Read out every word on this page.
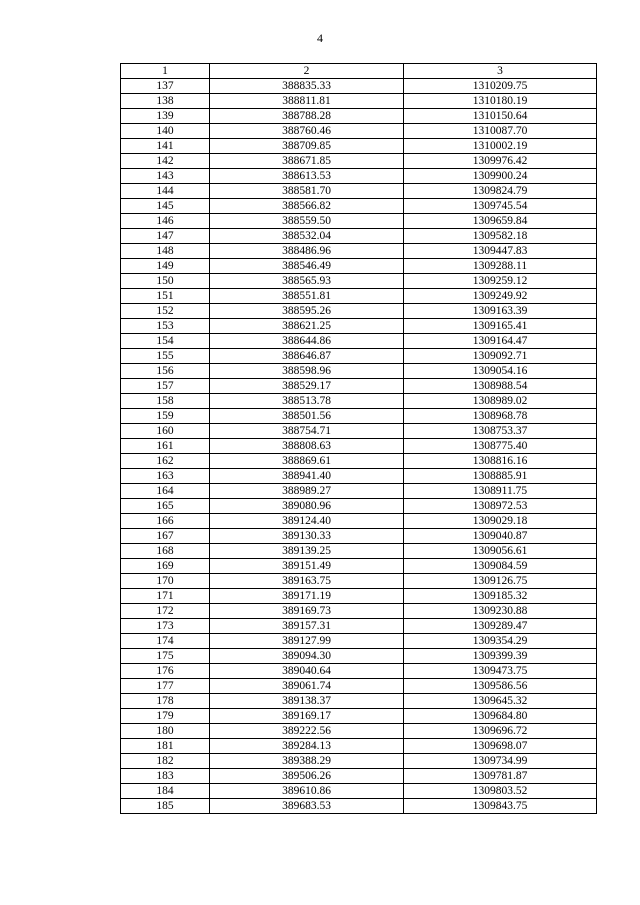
4
1	2	3
137	388835.33	1310209.75
138	388811.81	1310180.19
139	388788.28	1310150.64
140	388760.46	1310087.70
141	388709.85	1310002.19
142	388671.85	1309976.42
143	388613.53	1309900.24
144	388581.70	1309824.79
145	388566.82	1309745.54
146	388559.50	1309659.84
147	388532.04	1309582.18
148	388486.96	1309447.83
149	388546.49	1309288.11
150	388565.93	1309259.12
151	388551.81	1309249.92
152	388595.26	1309163.39
153	388621.25	1309165.41
154	388644.86	1309164.47
155	388646.87	1309092.71
156	388598.96	1309054.16
157	388529.17	1308988.54
158	388513.78	1308989.02
159	388501.56	1308968.78
160	388754.71	1308753.37
161	388808.63	1308775.40
162	388869.61	1308816.16
163	388941.40	1308885.91
164	388989.27	1308911.75
165	389080.96	1308972.53
166	389124.40	1309029.18
167	389130.33	1309040.87
168	389139.25	1309056.61
169	389151.49	1309084.59
170	389163.75	1309126.75
171	389171.19	1309185.32
172	389169.73	1309230.88
173	389157.31	1309289.47
174	389127.99	1309354.29
175	389094.30	1309399.39
176	389040.64	1309473.75
177	389061.74	1309586.56
178	389138.37	1309645.32
179	389169.17	1309684.80
180	389222.56	1309696.72
181	389284.13	1309698.07
182	389388.29	1309734.99
183	389506.26	1309781.87
184	389610.86	1309803.52
185	389683.53	1309843.75
